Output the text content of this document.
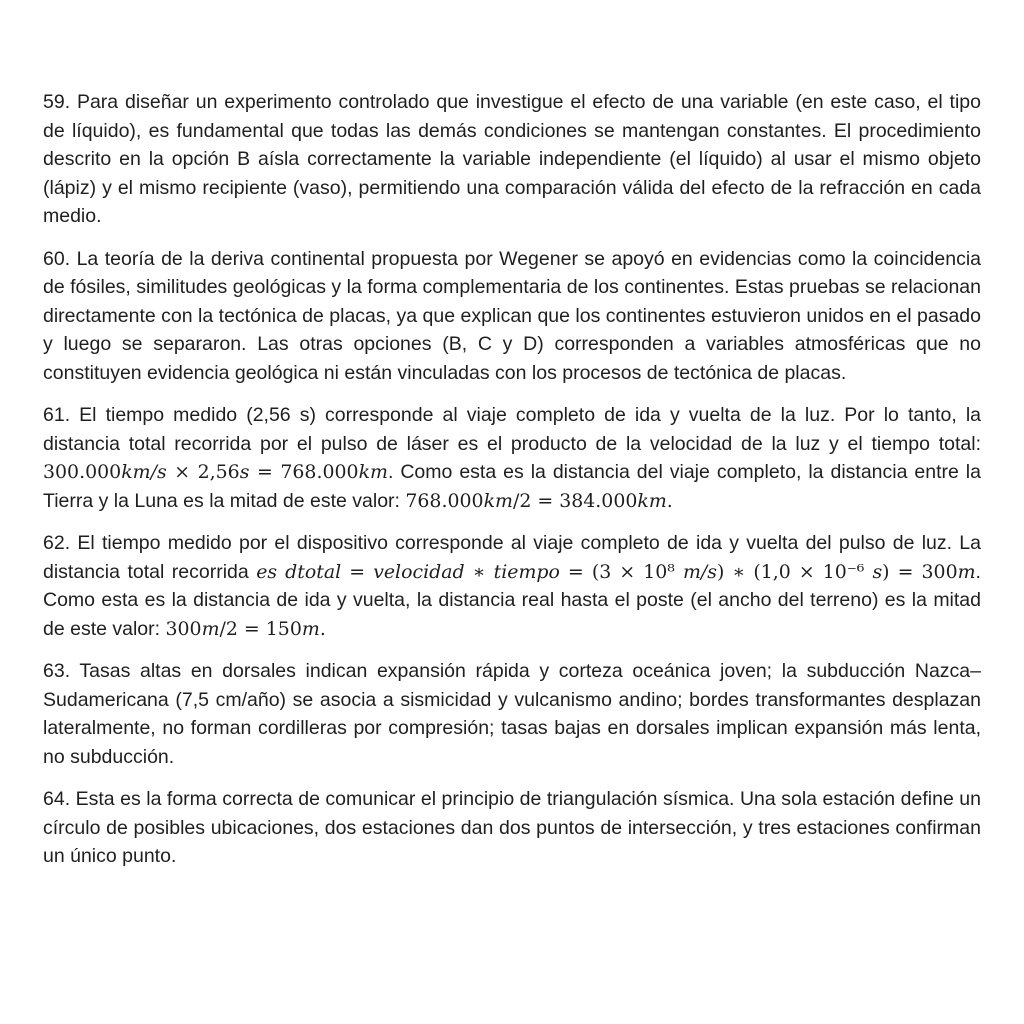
59. Para diseñar un experimento controlado que investigue el efecto de una variable (en este caso, el tipo de líquido), es fundamental que todas las demás condiciones se mantengan constantes. El procedimiento descrito en la opción B aísla correctamente la variable independiente (el líquido) al usar el mismo objeto (lápiz) y el mismo recipiente (vaso), permitiendo una comparación válida del efecto de la refracción en cada medio.

60. La teoría de la deriva continental propuesta por Wegener se apoyó en evidencias como la coincidencia de fósiles, similitudes geológicas y la forma complementaria de los continentes. Estas pruebas se relacionan directamente con la tectónica de placas, ya que explican que los continentes estuvieron unidos en el pasado y luego se separaron. Las otras opciones (B, C y D) corresponden a variables atmosféricas que no constituyen evidencia geológica ni están vinculadas con los procesos de tectónica de placas.

61. El tiempo medido (2,56 s) corresponde al viaje completo de ida y vuelta de la luz. Por lo tanto, la distancia total recorrida por el pulso de láser es el producto de la velocidad de la luz y el tiempo total: 300.000km/s × 2,56s = 768.000km. Como esta es la distancia del viaje completo, la distancia entre la Tierra y la Luna es la mitad de este valor: 768.000km/2 = 384.000km.

62. El tiempo medido por el dispositivo corresponde al viaje completo de ida y vuelta del pulso de luz. La distancia total recorrida es dtotal = velocidad ∗ tiempo = (3 × 10⁸ m/s) ∗ (1,0 × 10⁻⁶ s) = 300m. Como esta es la distancia de ida y vuelta, la distancia real hasta el poste (el ancho del terreno) es la mitad de este valor: 300m/2 = 150m.

63. Tasas altas en dorsales indican expansión rápida y corteza oceánica joven; la subducción Nazca–Sudamericana (7,5 cm/año) se asocia a sismicidad y vulcanismo andino; bordes transformantes desplazan lateralmente, no forman cordilleras por compresión; tasas bajas en dorsales implican expansión más lenta, no subducción.

64. Esta es la forma correcta de comunicar el principio de triangulación sísmica. Una sola estación define un círculo de posibles ubicaciones, dos estaciones dan dos puntos de intersección, y tres estaciones confirman un único punto.
